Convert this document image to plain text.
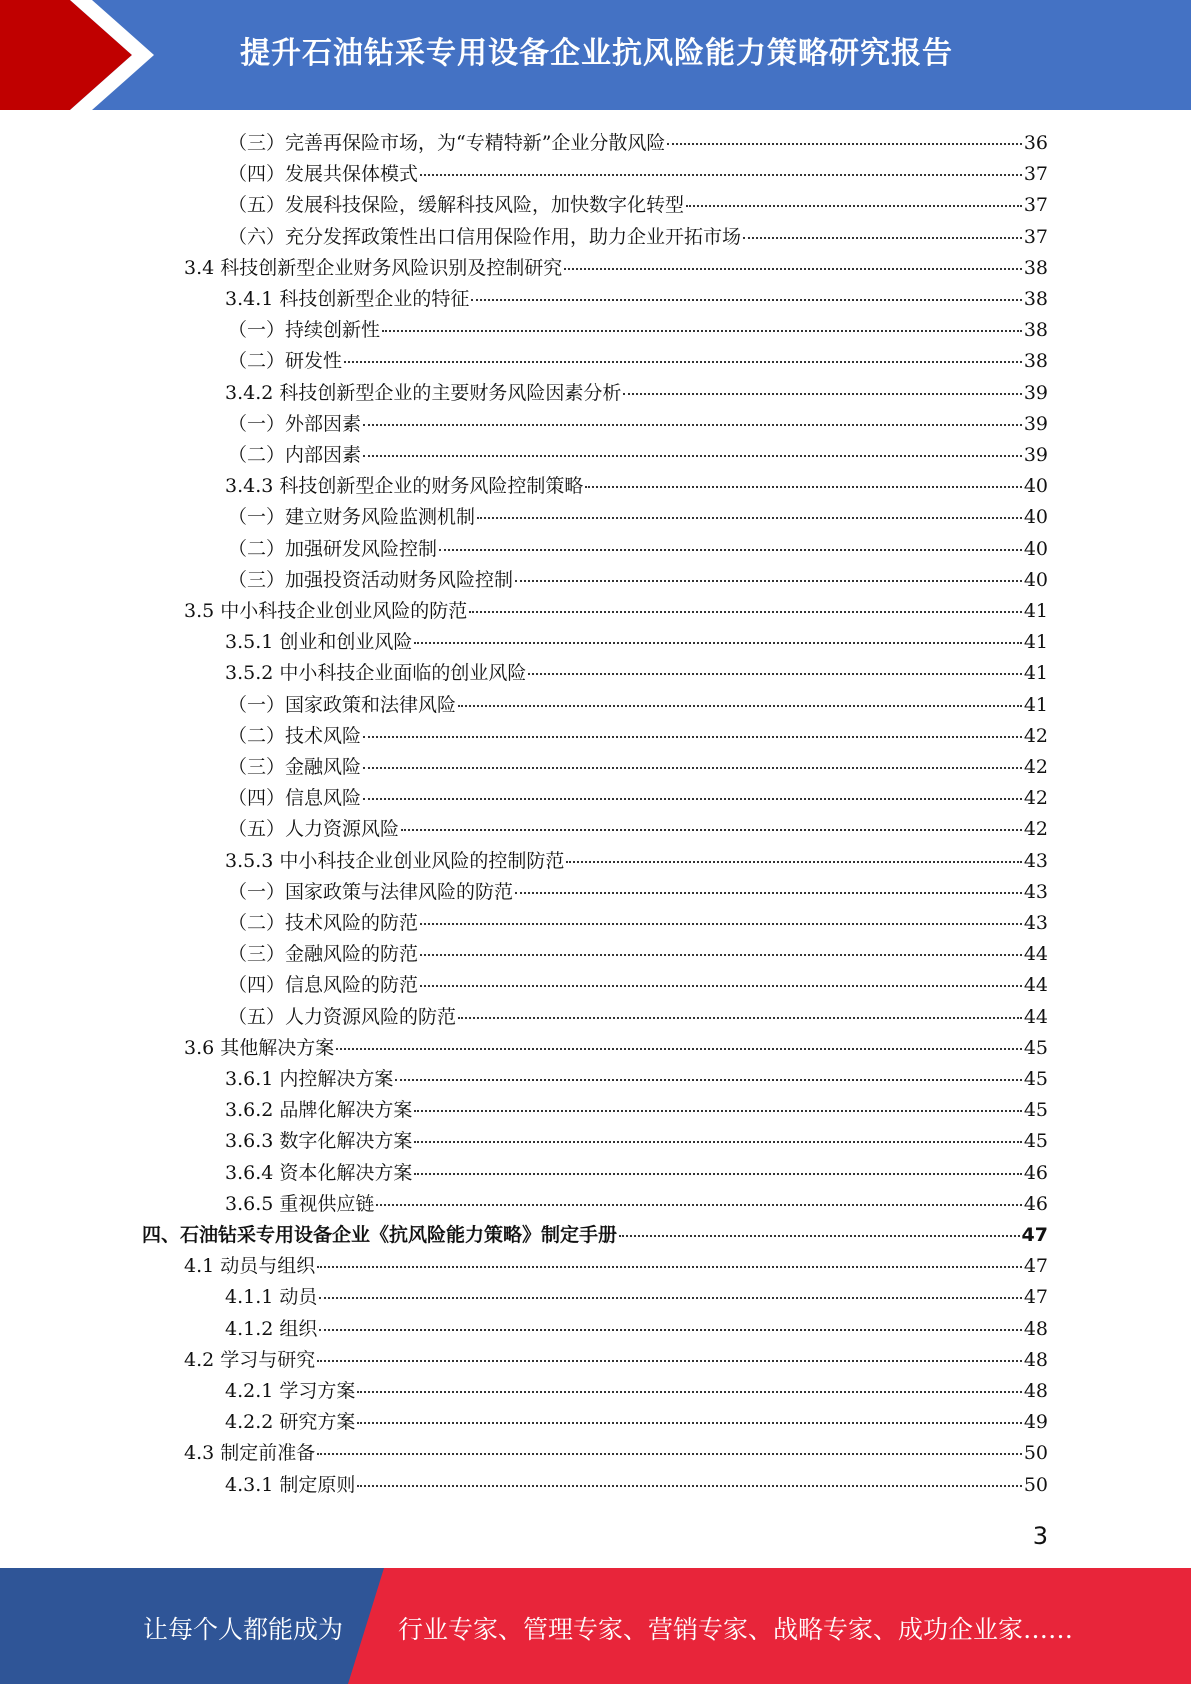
提升石油钻采专用设备企业抗风险能力策略研究报告
（三）完善再保险市场，为“专精特新”企业分散风险	36
（四）发展共保体模式	37
（五）发展科技保险，缓解科技风险，加快数字化转型	37
（六）充分发挥政策性出口信用保险作用，助力企业开拓市场	37
3.4 科技创新型企业财务风险识别及控制研究	38
3.4.1 科技创新型企业的特征	38
（一）持续创新性	38
（二）研发性	38
3.4.2 科技创新型企业的主要财务风险因素分析	39
（一）外部因素	39
（二）内部因素	39
3.4.3 科技创新型企业的财务风险控制策略	40
（一）建立财务风险监测机制	40
（二）加强研发风险控制	40
（三）加强投资活动财务风险控制	40
3.5 中小科技企业创业风险的防范	41
3.5.1 创业和创业风险	41
3.5.2 中小科技企业面临的创业风险	41
（一）国家政策和法律风险	41
（二）技术风险	42
（三）金融风险	42
（四）信息风险	42
（五）人力资源风险	42
3.5.3 中小科技企业创业风险的控制防范	43
（一）国家政策与法律风险的防范	43
（二）技术风险的防范	43
（三）金融风险的防范	44
（四）信息风险的防范	44
（五）人力资源风险的防范	44
3.6 其他解决方案	45
3.6.1 内控解决方案	45
3.6.2 品牌化解决方案	45
3.6.3 数字化解决方案	45
3.6.4 资本化解决方案	46
3.6.5 重视供应链	46
四、石油钻采专用设备企业《抗风险能力策略》制定手册	47
4.1 动员与组织	47
4.1.1 动员	47
4.1.2 组织	48
4.2 学习与研究	48
4.2.1 学习方案	48
4.2.2 研究方案	49
4.3 制定前准备	50
4.3.1 制定原则	50
3
让每个人都能成为 行业专家、管理专家、营销专家、战略专家、成功企业家……
